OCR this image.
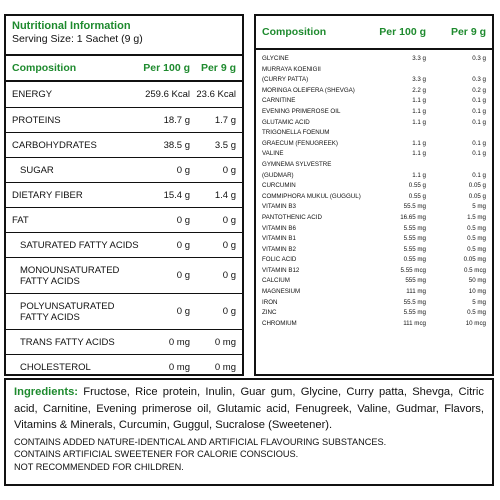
Nutritional Information
Serving Size: 1 Sachet (9 g)
Composition	Per 100 g	Per 9 g
ENERGY	259.6 Kcal 23.6 Kcal
PROTEINS	18.7 g	1.7 g
CARBOHYDRATES	38.5 g	3.5 g
SUGAR	0 g	0 g
DIETARY FIBER	15.4 g	1.4 g
FAT	0 g	0 g
SATURATED FATTY ACIDS	0 g	0 g
MONOUNSATURATED
FATTY ACIDS	0 g	0 g
POLYUNSATURATED
FATTY ACIDS	0 g	0 g
TRANS FATTY ACIDS	0 mg	0 mg
CHOLESTEROL	0 mg	0 mg
Composition	Per 100 g	Per 9 g
GLYCINE	3.3 g	0.3 g
MURRAYA KOENIGII
(CURRY PATTA)	3.3 g	0.3 g
MORINGA OLEIFERA (SHEVGA)	2.2 g	0.2 g
CARNITINE	1.1 g	0.1 g
EVENING PRIMEROSE OIL	1.1 g	0.1 g
GLUTAMIC ACID	1.1 g	0.1 g
TRIGONELLA FOENUM
GRAECUM (FENUGREEK)	1.1 g	0.1 g
VALINE	1.1 g	0.1 g
GYMNEMA SYLVESTRE
(GUDMAR)	1.1 g	0.1 g
CURCUMIN	0.55 g	0.05 g
COMMIPHORA MUKUL (GUGGUL)	0.55 g	0.05 g
VITAMIN B3	55.5 mg	5 mg
PANTOTHENIC ACID	16.65 mg	1.5 mg
VITAMIN B6	5.55 mg	0.5 mg
VITAMIN B1	5.55 mg	0.5 mg
VITAMIN B2	5.55 mg	0.5 mg
FOLIC ACID	0.55 mg	0.05 mg
VITAMIN B12	5.55 mcg	0.5 mcg
CALCIUM	555 mg	50 mg
MAGNESIUM	111 mg	10 mg
IRON	55.5 mg	5 mg
ZINC	5.55 mg	0.5 mg
CHROMIUM	111 mcg	10 mcg
Ingredients: Fructose, Rice protein, Inulin, Guar gum, Glycine, Curry patta, Shevga, Citric acid, Carnitine, Evening primerose oil, Glutamic acid, Fenugreek, Valine, Gudmar, Flavors, Vitamins & Minerals, Curcumin, Guggul, Sucralose (Sweetener).
CONTAINS ADDED NATURE-IDENTICAL AND ARTIFICIAL FLAVOURING SUBSTANCES.
CONTAINS ARTIFICIAL SWEETENER FOR CALORIE CONSCIOUS.
NOT RECOMMENDED FOR CHILDREN.
